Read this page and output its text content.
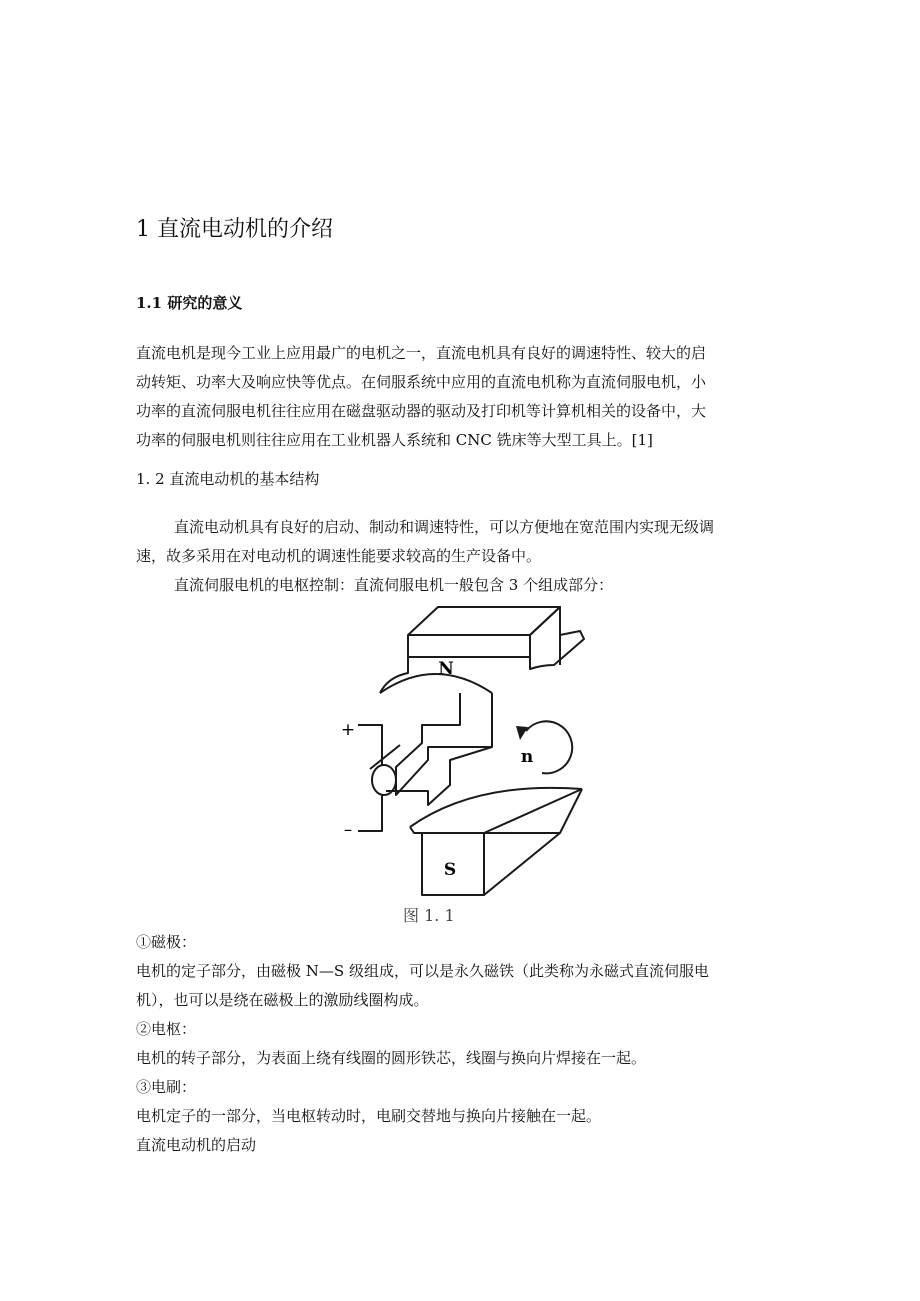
1 直流电动机的介绍
1.1 研究的意义
直流电机是现今工业上应用最广的电机之一，直流电机具有良好的调速特性、较大的启
动转矩、功率大及响应快等优点。在伺服系统中应用的直流电机称为直流伺服电机，小
功率的直流伺服电机往往应用在磁盘驱动器的驱动及打印机等计算机相关的设备中，大
功率的伺服电机则往往应用在工业机器人系统和 CNC 铣床等大型工具上。[1]
1. 2 直流电动机的基本结构
直流电动机具有良好的启动、制动和调速特性，可以方便地在宽范围内实现无级调
速，故多采用在对电动机的调速性能要求较高的生产设备中。
直流伺服电机的电枢控制：直流伺服电机一般包含 3 个组成部分：
N
S
+
–
n
图 1. 1
①磁极：
电机的定子部分，由磁极 N—S 级组成，可以是永久磁铁（此类称为永磁式直流伺服电
机），也可以是绕在磁极上的激励线圈构成。
②电枢：
电机的转子部分，为表面上绕有线圈的圆形铁芯，线圈与换向片焊接在一起。
③电刷：
电机定子的一部分，当电枢转动时，电刷交替地与换向片接触在一起。
直流电动机的启动
